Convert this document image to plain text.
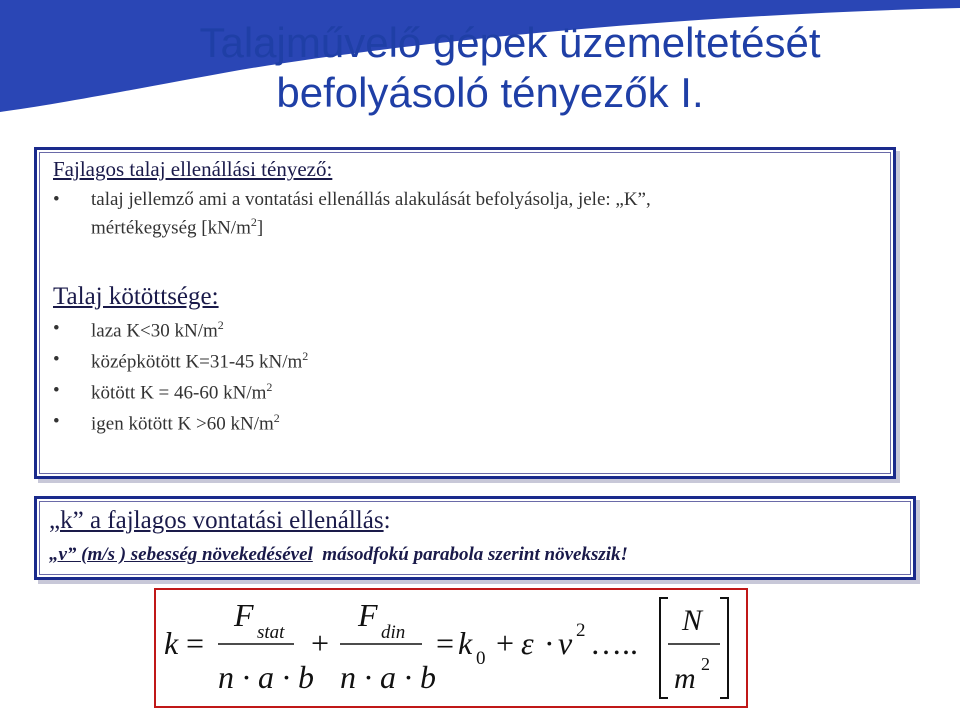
Talajművelő gépek üzemeltetését
befolyásoló tényezők I.
Fajlagos talaj ellenállási tényező:
• talaj jellemző ami a vontatási ellenállás alakulását befolyásolja, jele: „K”,
mértékegység $[kN/m^2]$
Talaj kötöttsége:
• laza K<30 $kN/m^2$
• középkötött K=31-45 $kN/m^2$
• kötött K = 46-60 $kN/m^2$
• igen kötött K >60 $kN/m^2$
„k” a fajlagos vontatási ellenállás:
„v” (m/s ) sebesség növekedésével  másodfokú parabola szerint növekszik!
k =
F stat
n · a · b
+
F din
n · a · b
= k 0 + ε · v 2 …..
N
m 2
